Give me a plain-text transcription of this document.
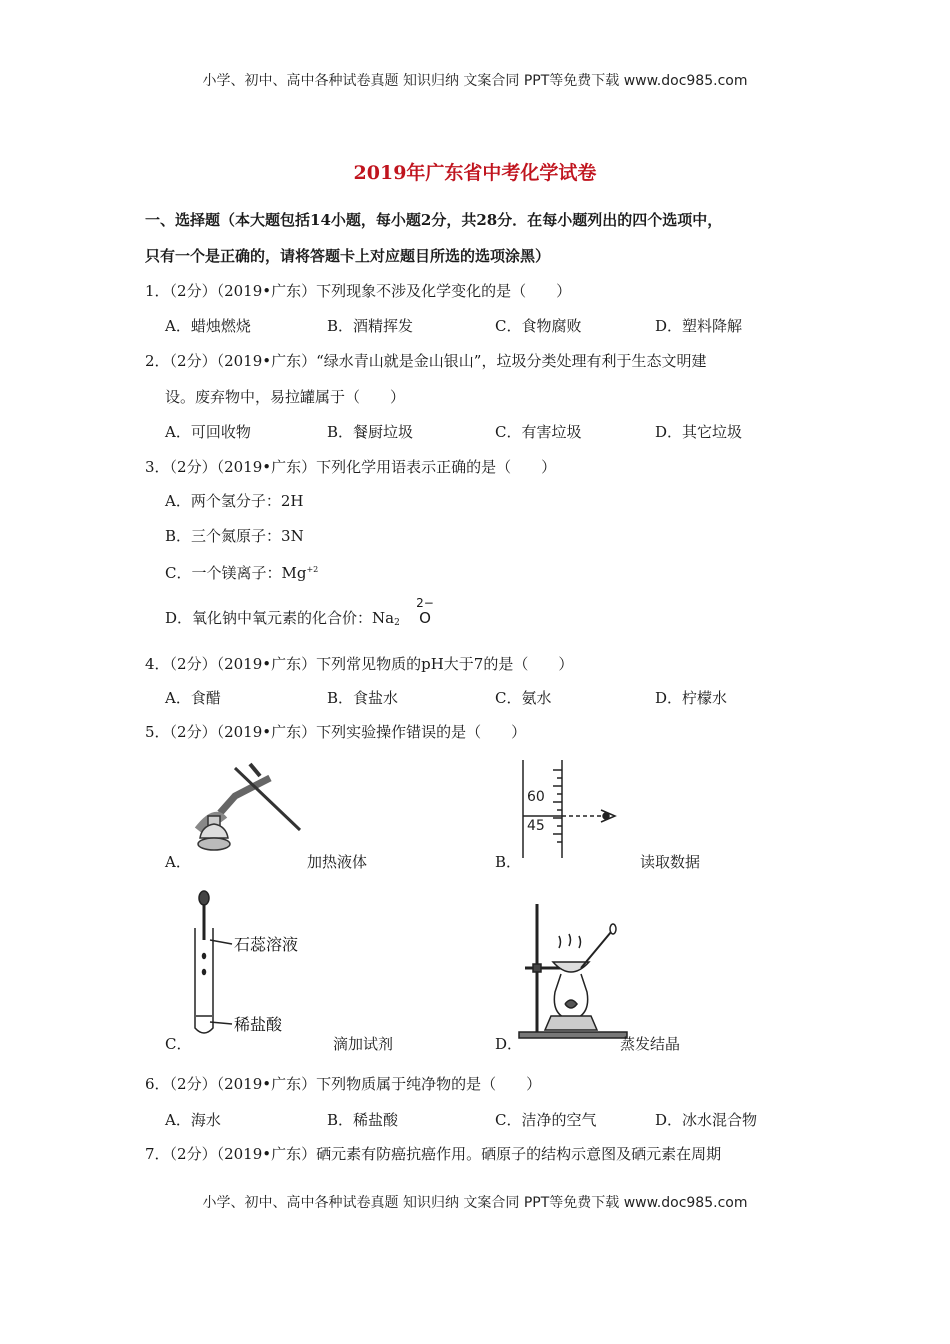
小学、初中、高中各种试卷真题 知识归纳 文案合同 PPT等免费下载 www.doc985.com
2019年广东省中考化学试卷
一、选择题（本大题包括14小题，每小题2分，共28分．在每小题列出的四个选项中，
只有一个是正确的，请将答题卡上对应题目所选的选项涂黑）
1．（2分）（2019•广东）下列现象不涉及化学变化的是（　　）
A．蜡烛燃烧	B．酒精挥发	C．食物腐败	D．塑料降解
2．（2分）（2019•广东）“绿水青山就是金山银山”，垃圾分类处理有利于生态文明建
设。废弃物中，易拉罐属于（　　）
A．可回收物	B．餐厨垃圾	C．有害垃圾	D．其它垃圾
3．（2分）（2019•广东）下列化学用语表示正确的是（　　）
A．两个氢分子：2H
B．三个氮原子：3N
C．一个镁离子：$Mg^{+2}$
D．氧化钠中氧元素的化合价：$Na_2$
2−
O
4．（2分）（2019•广东）下列常见物质的pH大于7的是（　　）
A．食醋	B．食盐水	C．氨水	D．柠檬水
5．（2分）（2019•广东）下列实验操作错误的是（　　）
A．	加热液体
60
45
B．	读取数据
石蕊溶液
稀盐酸
C．	滴加试剂	D．	蒸发结晶
6．（2分）（2019•广东）下列物质属于纯净物的是（　　）
A．海水	B．稀盐酸	C．洁净的空气	D．冰水混合物
7．（2分）（2019•广东）硒元素有防癌抗癌作用。硒原子的结构示意图及硒元素在周期
小学、初中、高中各种试卷真题 知识归纳 文案合同 PPT等免费下载 www.doc985.com
